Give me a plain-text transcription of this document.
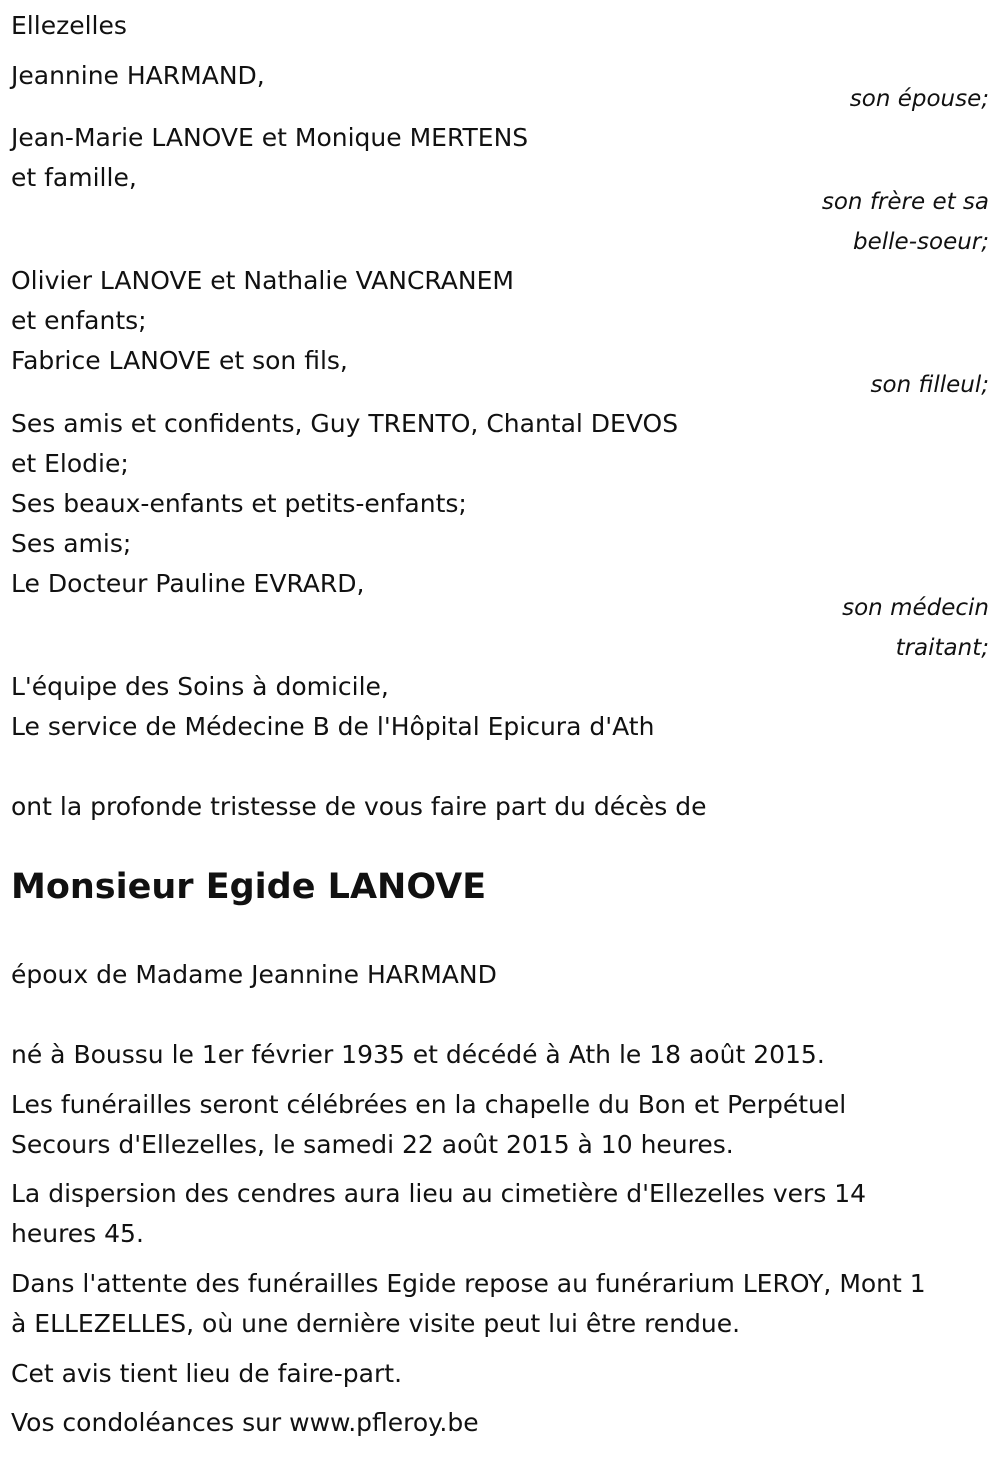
Ellezelles
Jeannine HARMAND,
son épouse;
Jean-Marie LANOVE et Monique MERTENS
et famille,
son frère et sa
belle-soeur;
Olivier LANOVE et Nathalie VANCRANEM
et enfants;
Fabrice LANOVE et son fils,
son filleul;
Ses amis et confidents, Guy TRENTO, Chantal DEVOS
et Elodie;
Ses beaux-enfants et petits-enfants;
Ses amis;
Le Docteur Pauline EVRARD,
son médecin
traitant;
L'équipe des Soins à domicile,
Le service de Médecine B de l'Hôpital Epicura d'Ath
ont la profonde tristesse de vous faire part du décès de
Monsieur Egide LANOVE
époux de Madame Jeannine HARMAND
né à Boussu le 1er février 1935 et décédé à Ath le 18 août 2015.
Les funérailles seront célébrées en la chapelle du Bon et Perpétuel
Secours d'Ellezelles, le samedi 22 août 2015 à 10 heures.
La dispersion des cendres aura lieu au cimetière d'Ellezelles vers 14
heures 45.
Dans l'attente des funérailles Egide repose au funérarium LEROY, Mont 1
à ELLEZELLES, où une dernière visite peut lui être rendue.
Cet avis tient lieu de faire-part.
Vos condoléances sur www.pfleroy.be
